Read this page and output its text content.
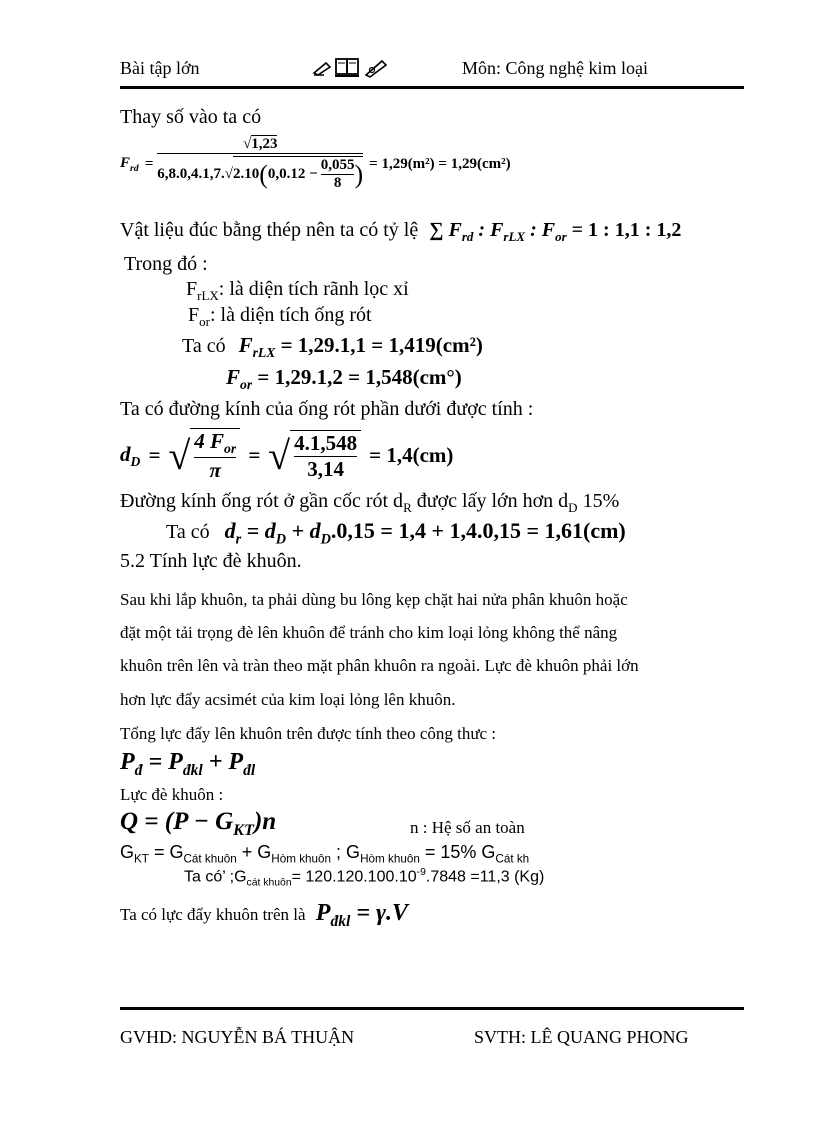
Bài tập lớn	Môn: Công nghệ kim loại
Thay số vào ta có
$F_{rd}$ =
√1,23
6,8.0,4.1,7. √ 2.10 ( $0,0.12 - \frac{0,055}{8}$ ) = 1,29(m²) = 1,29(cm²)
Vật liệu đúc bằng thép nên ta có tỷ lệ ∑ $F_{rd}$ : $F_{rLX}$ : $F_{or} = 1$ : 1,1 : 1,2
Trong đó :
$F_{rLX}$: là diện tích rãnh lọc xỉ
$F_{or}$: là diện tích ống rót
Ta có $F_{rLX} = 1,29.1,1 = 1,419(cm^2)$
$F_{or} = 1,29.1,2 = 1,548(cm^\circ)$
Ta có đường kính của ống rót phần dưới được tính :
$d_D$ = √ $\frac{4 F_{or}}{\pi}$ = √ $\frac{4.1,548}{3,14} = 1,4(cm)$
Đường kính ống rót ở gần cốc rót $d_R$ được lấy lớn hơn $d_D$ 15%
Ta có $d_r = d_D + d_D.0,15 = 1,4 + 1,4.0,15 = 1,61(cm)$
5.2 Tính lực đè khuôn.
Sau khi lắp khuôn, ta phải dùng bu lông kẹp chặt hai nửa phân khuôn hoặc
đặt một tải trọng đè lên khuôn để tránh cho kim loại lỏng không thể nâng
khuôn trên lên và tràn theo mặt phân khuôn ra ngoài. Lực đè khuôn phải lớn
hơn lực đẩy acsimét của kim loại lỏng lên khuôn.
Tổng lực đẩy lên khuôn trên được tính theo công thưc :
$P_đ = P_{đkl} + P_{đl}$
Lực đè khuôn :
$Q = (P - G_{KT})n$	n : Hệ số an toàn
$G_{KT} = G_{Cát khuôn} + G_{Hòm khuôn}$ ; $G_{Hòm khuôn} = 15\%$ $G_{Cát kh}$
Ta có’ $;G_{cát khuôn}= 120.120.100.10^{-9}.7848 =11,3$ (Kg)
Ta có lực đẩy khuôn trên là $P_{đkl} = \gamma.V$
GVHD: NGUYỄN BÁ THUẬN	SVTH: LÊ QUANG PHONG
